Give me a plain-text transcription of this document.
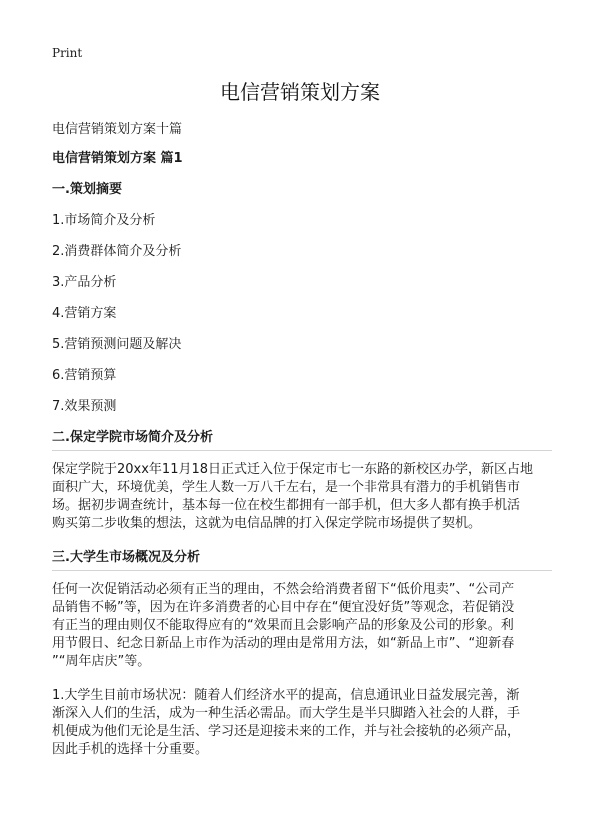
Print
电信营销策划方案
电信营销策划方案十篇
电信营销策划方案 篇1
一.策划摘要
1.市场简介及分析
2.消费群体简介及分析
3.产品分析
4.营销方案
5.营销预测问题及解决
6.营销预算
7.效果预测
二.保定学院市场简介及分析
保定学院于20xx年11月18日正式迁入位于保定市七一东路的新校区办学，新区占地
面积广大，环境优美，学生人数一万八千左右，是一个非常具有潜力的手机销售市
场。据初步调查统计，基本每一位在校生都拥有一部手机，但大多人都有换手机活
购买第二步收集的想法，这就为电信品牌的打入保定学院市场提供了契机。
三.大学生市场概况及分析
任何一次促销活动必须有正当的理由，不然会给消费者留下“低价甩卖”、“公司产
品销售不畅”等，因为在许多消费者的心目中存在“便宜没好货”等观念，若促销没
有正当的理由则仅不能取得应有的“效果而且会影响产品的形象及公司的形象。利
用节假日、纪念日新品上市作为活动的理由是常用方法，如“新品上市”、“迎新春
”“周年店庆”等。
1.大学生目前市场状况：随着人们经济水平的提高，信息通讯业日益发展完善，渐
渐深入人们的生活，成为一种生活必需品。而大学生是半只脚踏入社会的人群，手
机便成为他们无论是生活、学习还是迎接未来的工作，并与社会接轨的必须产品，
因此手机的选择十分重要。
